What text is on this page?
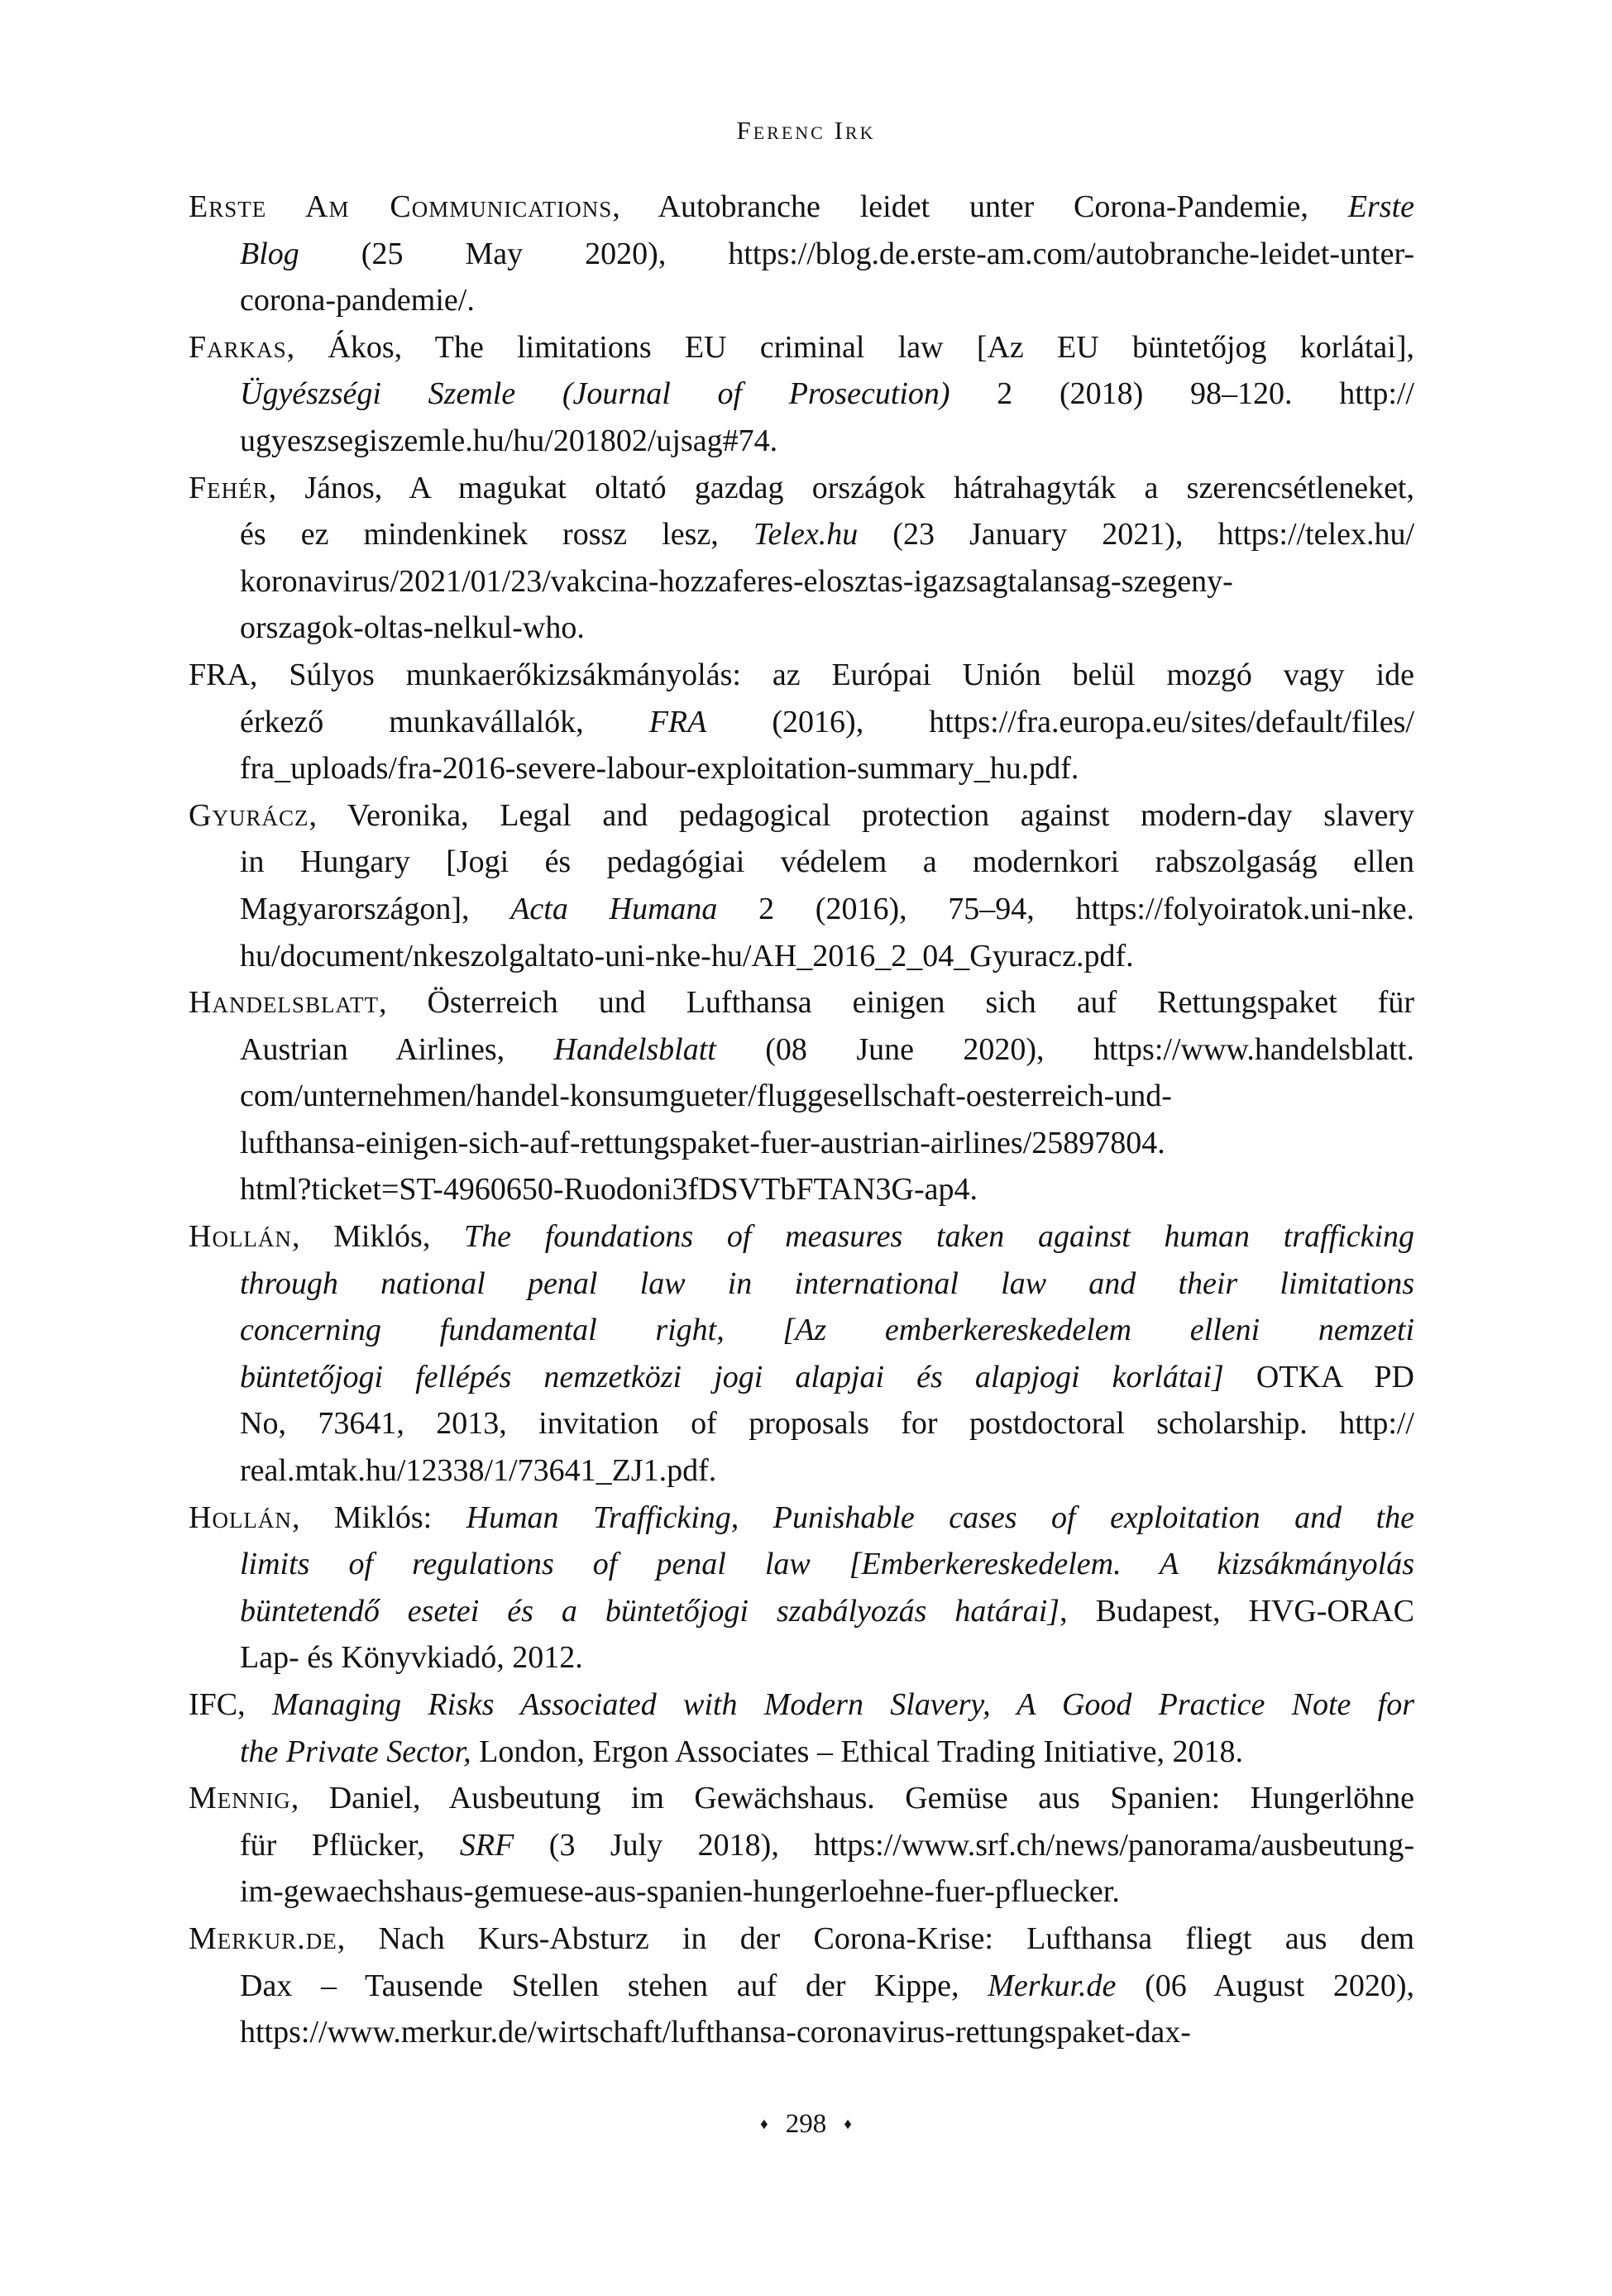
Ferenc Irk
Erste Am Communications, Autobranche leidet unter Corona-Pandemie, Erste
Blog (25 May 2020), https://blog.de.erste-am.com/autobranche-leidet-unter-
corona-pandemie/.
Farkas, Ákos, The limitations EU criminal law [Az EU büntetőjog korlátai],
Ügyészségi Szemle (Journal of Prosecution) 2 (2018) 98–120. http://
ugyeszsegiszemle.hu/hu/201802/ujsag#74.
Fehér, János, A magukat oltató gazdag országok hátrahagyták a szerencsétleneket,
és ez mindenkinek rossz lesz, Telex.hu (23 January 2021), https://telex.hu/
koronavirus/2021/01/23/vakcina-hozzaferes-elosztas-igazsagtalansag-szegeny-
orszagok-oltas-nelkul-who.
FRA, Súlyos munkaerőkizsákmányolás: az Európai Unión belül mozgó vagy ide
érkező munkavállalók, FRA (2016), https://fra.europa.eu/sites/default/files/
fra_uploads/fra-2016-severe-labour-exploitation-summary_hu.pdf.
Gyurácz, Veronika, Legal and pedagogical protection against modern-day slavery
in Hungary [Jogi és pedagógiai védelem a modernkori rabszolgaság ellen
Magyarországon], Acta Humana 2 (2016), 75–94, https://folyoiratok.uni-nke.
hu/document/nkeszolgaltato-uni-nke-hu/AH_2016_2_04_Gyuracz.pdf.
Handelsblatt, Österreich und Lufthansa einigen sich auf Rettungspaket für
Austrian Airlines, Handelsblatt (08 June 2020), https://www.handelsblatt.
com/unternehmen/handel-konsumgueter/fluggesellschaft-oesterreich-und-
lufthansa-einigen-sich-auf-rettungspaket-fuer-austrian-airlines/25897804.
html?ticket=ST-4960650-Ruodoni3fDSVTbFTAN3G-ap4.
Hollán, Miklós, The foundations of measures taken against human trafficking
through national penal law in international law and their limitations
concerning fundamental right, [Az emberkereskedelem elleni nemzeti
büntetőjogi fellépés nemzetközi jogi alapjai és alapjogi korlátai] OTKA PD
No, 73641, 2013, invitation of proposals for postdoctoral scholarship. http://
real.mtak.hu/12338/1/73641_ZJ1.pdf.
Hollán, Miklós: Human Trafficking, Punishable cases of exploitation and the
limits of regulations of penal law [Emberkereskedelem. A kizsákmányolás
büntetendő esetei és a büntetőjogi szabályozás határai], Budapest, HVG-ORAC
Lap- és Könyvkiadó, 2012.
IFC, Managing Risks Associated with Modern Slavery, A Good Practice Note for
the Private Sector, London, Ergon Associates – Ethical Trading Initiative, 2018.
Mennig, Daniel, Ausbeutung im Gewächshaus. Gemüse aus Spanien: Hungerlöhne
für Pflücker, SRF (3 July 2018), https://www.srf.ch/news/panorama/ausbeutung-
im-gewaechshaus-gemuese-aus-spanien-hungerloehne-fuer-pfluecker.
Merkur.de, Nach Kurs-Absturz in der Corona-Krise: Lufthansa fliegt aus dem
Dax – Tausende Stellen stehen auf der Kippe, Merkur.de (06 August 2020),
https://www.merkur.de/wirtschaft/lufthansa-coronavirus-rettungspaket-dax-
♦ 298 ♦
